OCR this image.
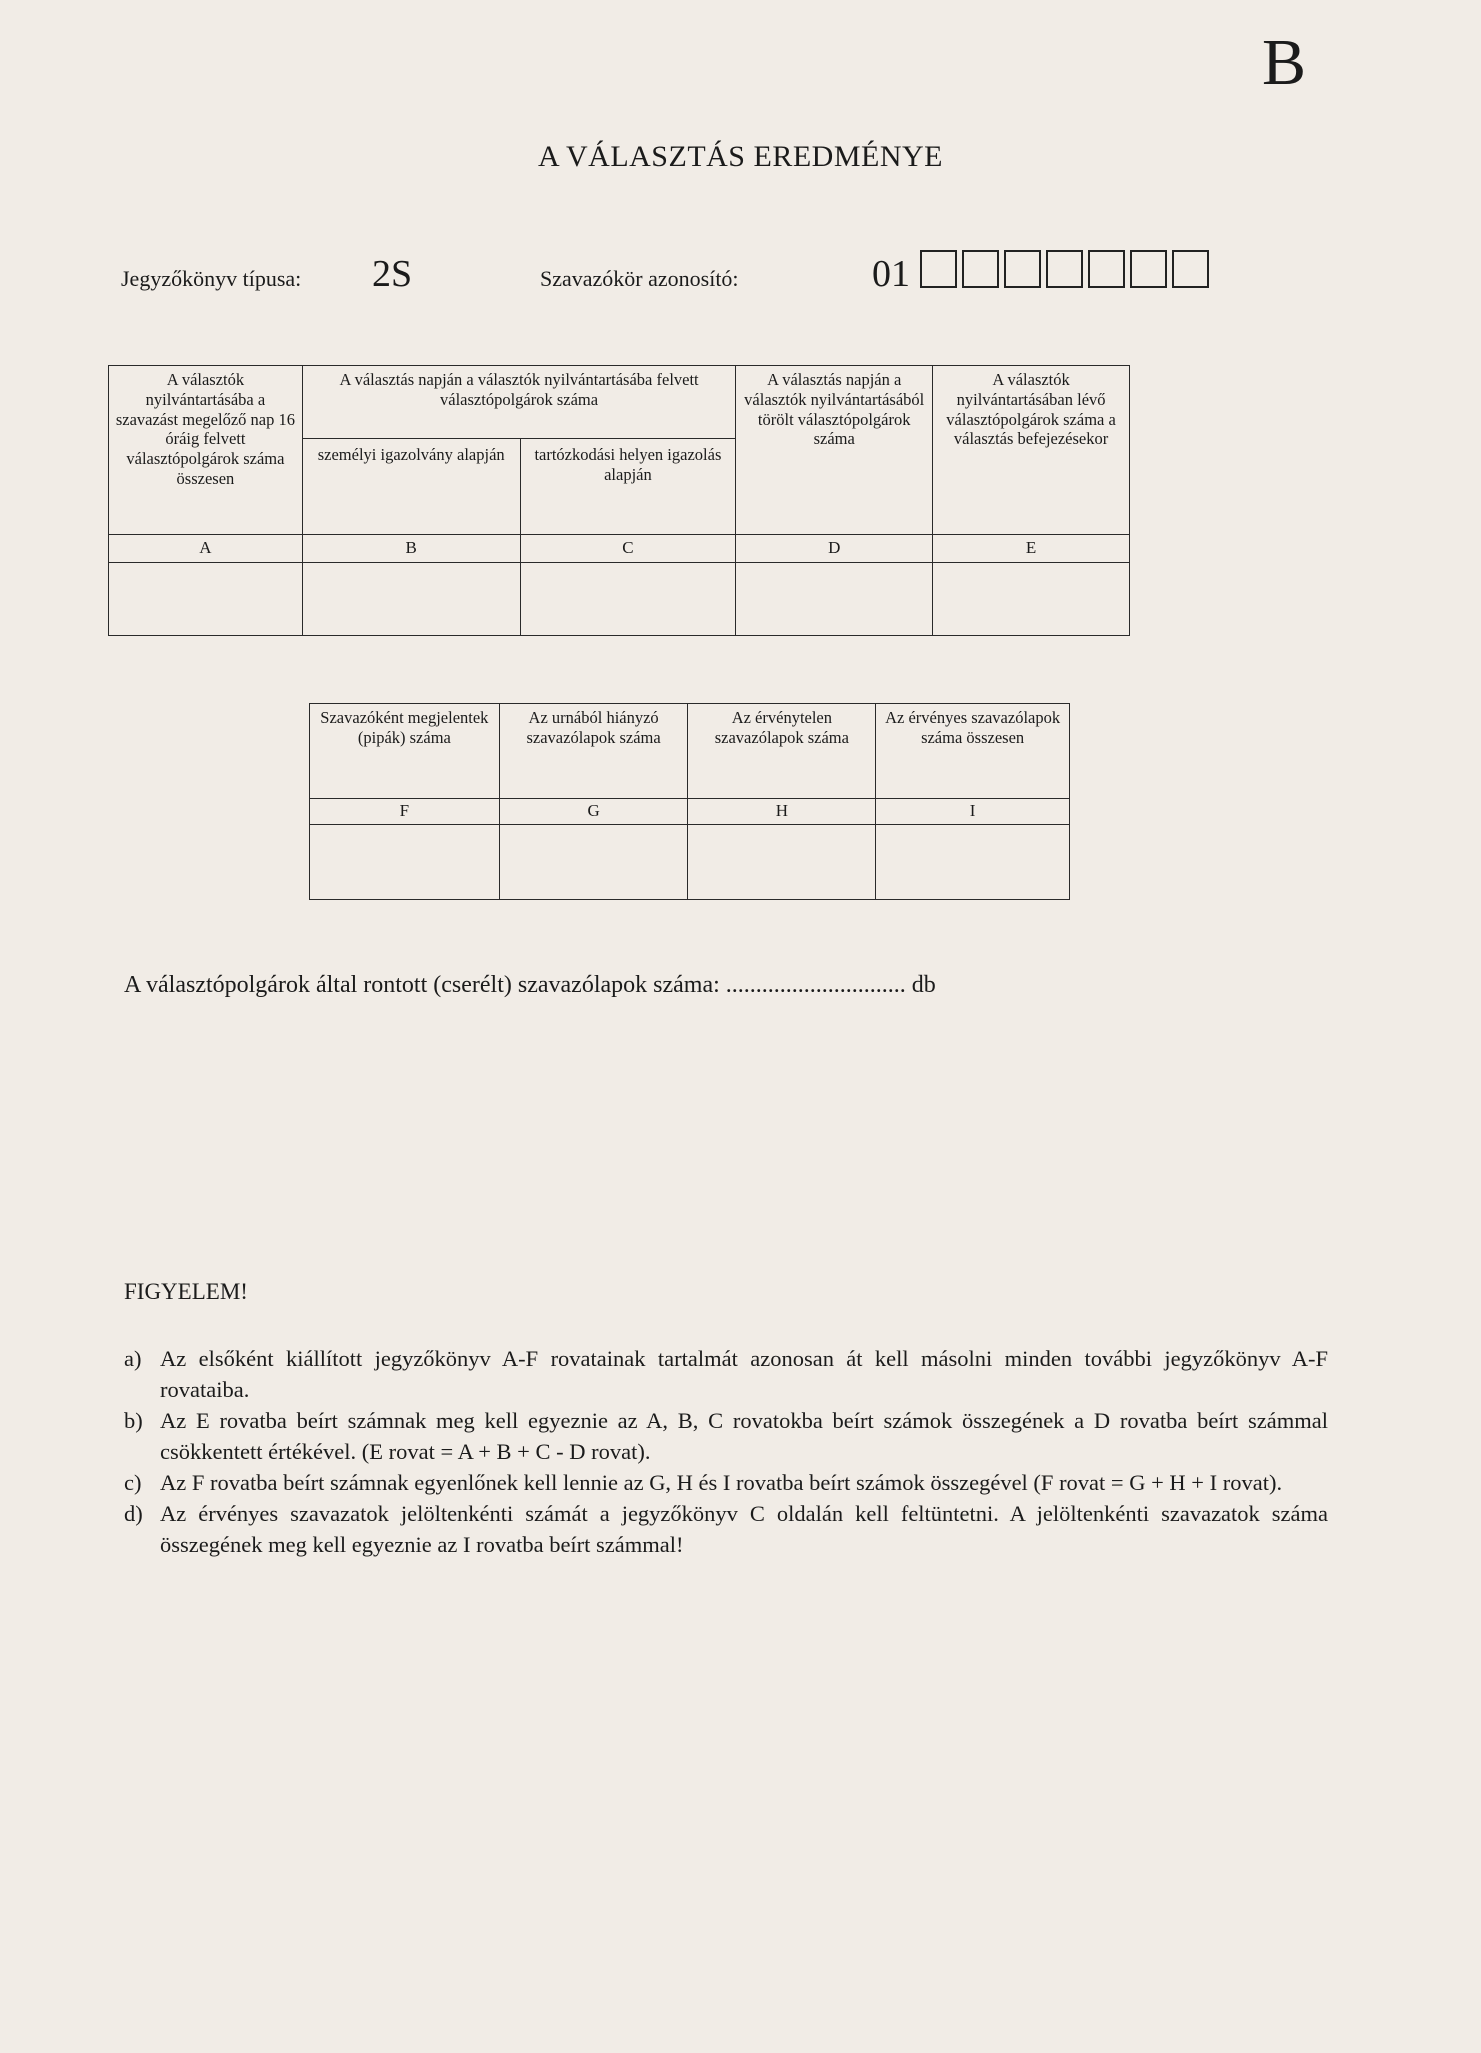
B
A VÁLASZTÁS EREDMÉNYE
Jegyzőkönyv típusa: 2S	Szavazókör azonosító:	01
A választók nyilvántartásába a szavazást megelőző nap 16 óráig felvett választópolgárok száma összesen	A választás napján a választók nyilvántartásába felvett választópolgárok száma		A választás napján a választók nyilvántartásából törölt választópolgárok száma	A választók nyilvántartásában lévő választópolgárok száma a választás befejezésekor
	személyi igazolvány alapján	tartózkodási helyen igazolás alapján		
A	B	C	D	E

Szavazóként megjelentek (pipák) száma	Az urnából hiányzó szavazólapok száma	Az érvénytelen szavazólapok száma	Az érvényes szavazólapok száma összesen
F	G	H	I

A választópolgárok által rontott (cserélt) szavazólapok száma: .............................. db
FIGYELEM!
a) Az elsőként kiállított jegyzőkönyv A-F rovatainak tartalmát azonosan át kell másolni minden további jegyzőkönyv A-F rovataiba.
b) Az E rovatba beírt számnak meg kell egyeznie az A, B, C rovatokba beírt számok összegének a D rovatba beírt számmal csökkentett értékével. (E rovat = A + B + C - D rovat).
c) Az F rovatba beírt számnak egyenlőnek kell lennie az G, H és I rovatba beírt számok összegével (F rovat = G + H + I rovat).
d) Az érvényes szavazatok jelöltenkénti számát a jegyzőkönyv C oldalán kell feltüntetni. A jelöltenkénti szavazatok száma összegének meg kell egyeznie az I rovatba beírt számmal!
